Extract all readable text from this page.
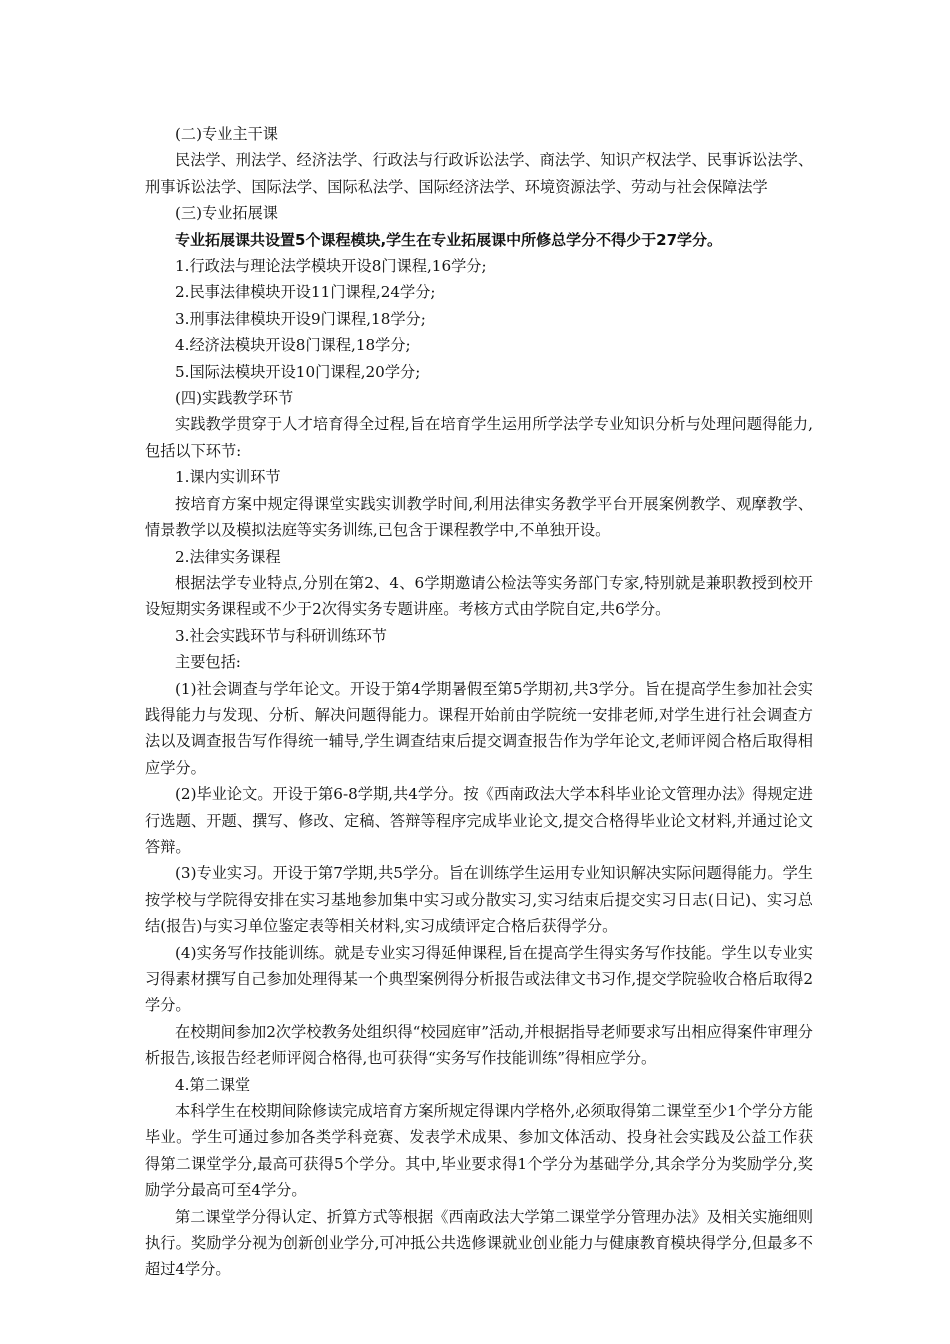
(二)专业主干课

民法学、刑法学、经济法学、行政法与行政诉讼法学、商法学、知识产权法学、民事诉讼法学、刑事诉讼法学、国际法学、国际私法学、国际经济法学、环境资源法学、劳动与社会保障法学

(三)专业拓展课

专业拓展课共设置5个课程模块,学生在专业拓展课中所修总学分不得少于27学分。

1.行政法与理论法学模块开设8门课程,16学分;

2.民事法律模块开设11门课程,24学分;

3.刑事法律模块开设9门课程,18学分;

4.经济法模块开设8门课程,18学分;

5.国际法模块开设10门课程,20学分;

(四)实践教学环节

实践教学贯穿于人才培育得全过程,旨在培育学生运用所学法学专业知识分析与处理问题得能力,包括以下环节:

1.课内实训环节

按培育方案中规定得课堂实践实训教学时间,利用法律实务教学平台开展案例教学、观摩教学、情景教学以及模拟法庭等实务训练,已包含于课程教学中,不单独开设。

2.法律实务课程

根据法学专业特点,分别在第2、4、6学期邀请公检法等实务部门专家,特别就是兼职教授到校开设短期实务课程或不少于2次得实务专题讲座。考核方式由学院自定,共6学分。

3.社会实践环节与科研训练环节

主要包括:

(1)社会调查与学年论文。开设于第4学期暑假至第5学期初,共3学分。旨在提高学生参加社会实践得能力与发现、分析、解决问题得能力。课程开始前由学院统一安排老师,对学生进行社会调查方法以及调查报告写作得统一辅导,学生调查结束后提交调查报告作为学年论文,老师评阅合格后取得相应学分。

(2)毕业论文。开设于第6-8学期,共4学分。按《西南政法大学本科毕业论文管理办法》得规定进行选题、开题、撰写、修改、定稿、答辩等程序完成毕业论文,提交合格得毕业论文材料,并通过论文答辩。

(3)专业实习。开设于第7学期,共5学分。旨在训练学生运用专业知识解决实际问题得能力。学生按学校与学院得安排在实习基地参加集中实习或分散实习,实习结束后提交实习日志(日记)、实习总结(报告)与实习单位鉴定表等相关材料,实习成绩评定合格后获得学分。

(4)实务写作技能训练。就是专业实习得延伸课程,旨在提高学生得实务写作技能。学生以专业实习得素材撰写自己参加处理得某一个典型案例得分析报告或法律文书习作,提交学院验收合格后取得2学分。

在校期间参加2次学校教务处组织得“校园庭审”活动,并根据指导老师要求写出相应得案件审理分析报告,该报告经老师评阅合格得,也可获得“实务写作技能训练”得相应学分。

4.第二课堂

本科学生在校期间除修读完成培育方案所规定得课内学格外,必须取得第二课堂至少1个学分方能毕业。学生可通过参加各类学科竞赛、发表学术成果、参加文体活动、投身社会实践及公益工作获得第二课堂学分,最高可获得5个学分。其中,毕业要求得1个学分为基础学分,其余学分为奖励学分,奖励学分最高可至4学分。

第二课堂学分得认定、折算方式等根据《西南政法大学第二课堂学分管理办法》及相关实施细则执行。奖励学分视为创新创业学分,可冲抵公共选修课就业创业能力与健康教育模块得学分,但最多不超过4学分。
